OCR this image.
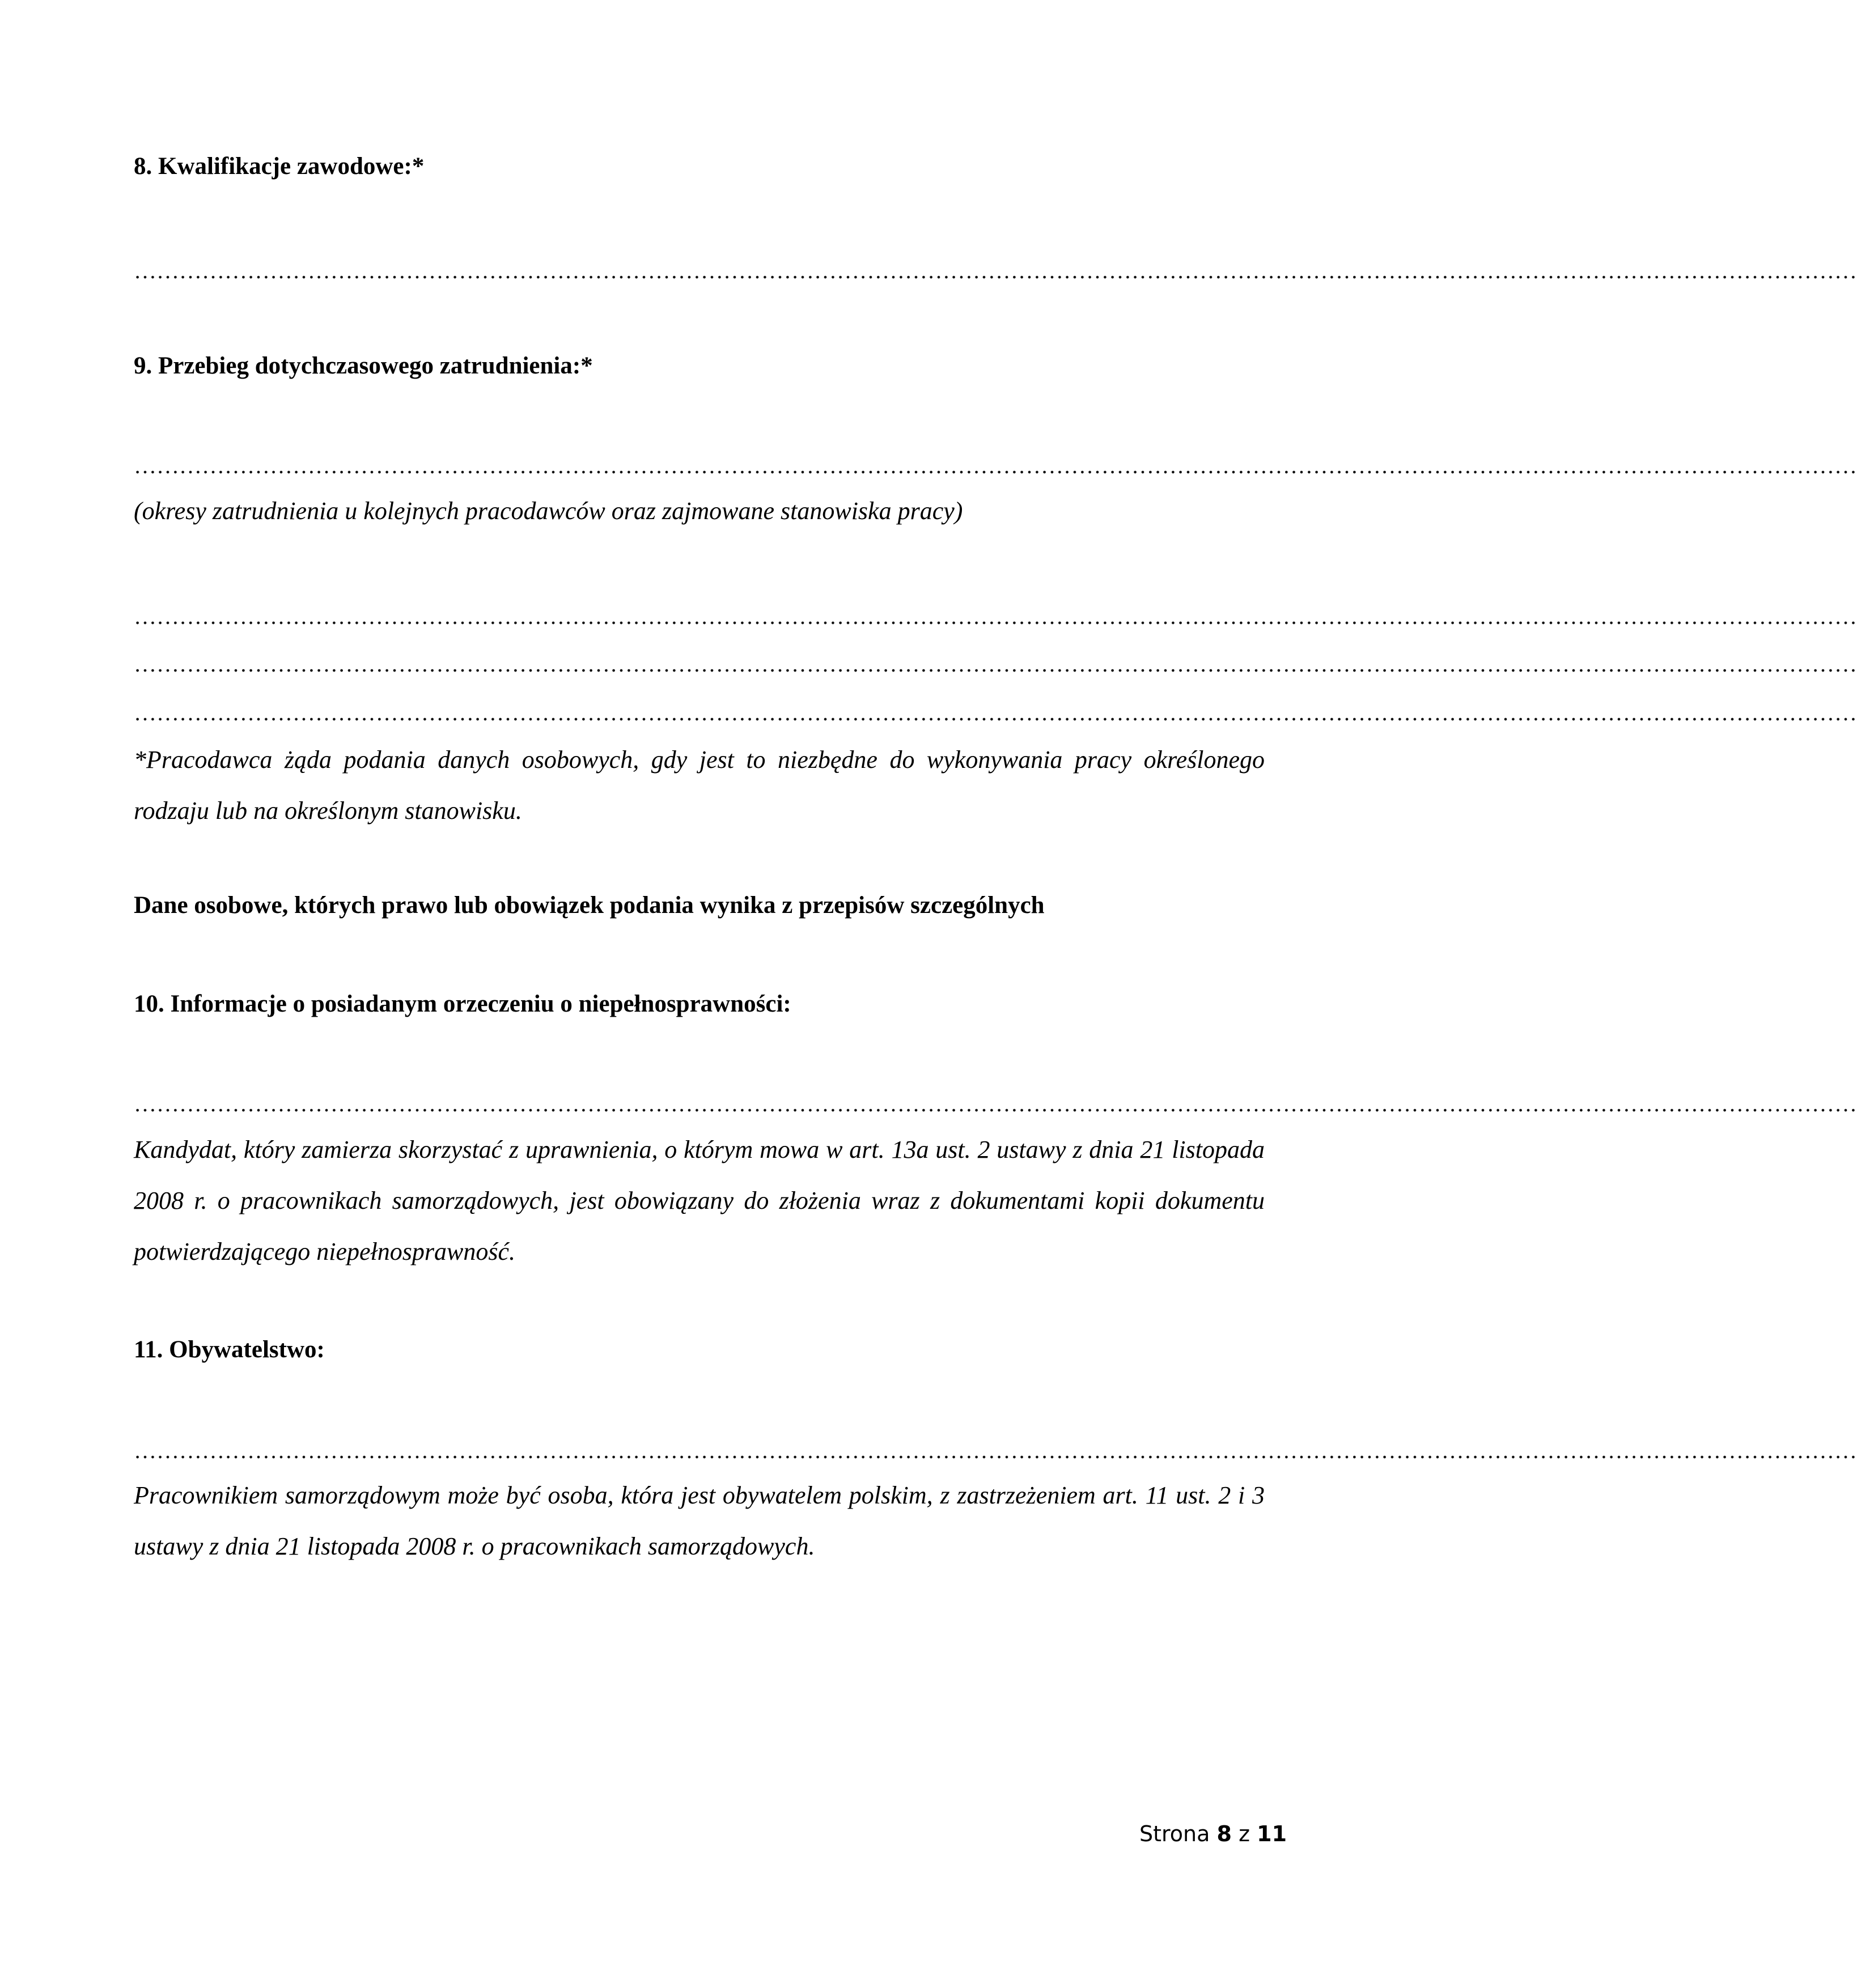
8. Kwalifikacje zawodowe:*

…………………………………………………………………………………………………………………………………………………………………………………………………………

9. Przebieg dotychczasowego zatrudnienia:*

…………………………………………………………………………………………………………………………………………………………………………………………………………

(okresy zatrudnienia u kolejnych pracodawców oraz zajmowane stanowiska pracy)

…………………………………………………………………………………………………………………………………………………………………………………………………………

…………………………………………………………………………………………………………………………………………………………………………………………………………

…………………………………………………………………………………………………………………………………………………………………………………………………………

*Pracodawca żąda podania danych osobowych, gdy jest to niezbędne do wykonywania pracy określonego rodzaju lub na określonym stanowisku.

Dane osobowe, których prawo lub obowiązek podania wynika z przepisów szczególnych

10. Informacje o posiadanym orzeczeniu o niepełnosprawności:

…………………………………………………………………………………………………………………………………………………………………………………………………………

Kandydat, który zamierza skorzystać z uprawnienia, o którym mowa w art. 13a ust. 2 ustawy z dnia 21 listopada 2008 r. o pracownikach samorządowych, jest obowiązany do złożenia wraz z dokumentami kopii dokumentu potwierdzającego niepełnosprawność.

11. Obywatelstwo:

…………………………………………………………………………………………………………………………………………………………………………………………………………

Pracownikiem samorządowym może być osoba, która jest obywatelem polskim, z zastrzeżeniem art. 11 ust. 2 i 3 ustawy z dnia 21 listopada 2008 r. o pracownikach samorządowych.

Strona 8 z 11
